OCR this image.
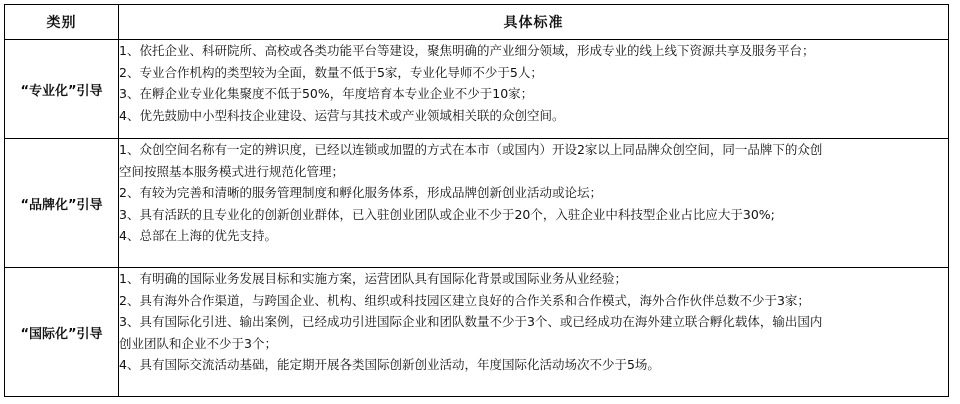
类别	具体标准
“专业化”引导	1、依托企业、科研院所、高校或各类功能平台等建设，聚焦明确的产业细分领域，形成专业的线上线下资源共享及服务平台；
2、专业合作机构的类型较为全面，数量不低于5家，专业化导师不少于5人；
3、在孵企业专业化集聚度不低于50%，年度培育本专业企业不少于10家；
4、优先鼓励中小型科技企业建设、运营与其技术或产业领域相关联的众创空间。

“品牌化”引导	1、众创空间名称有一定的辨识度，已经以连锁或加盟的方式在本市（或国内）开设2家以上同品牌众创空间，同一品牌下的众创
空间按照基本服务模式进行规范化管理；
2、有较为完善和清晰的服务管理制度和孵化服务体系，形成品牌创新创业活动或论坛；
3、具有活跃的且专业化的创新创业群体，已入驻创业团队或企业不少于20个，入驻企业中科技型企业占比应大于30%;
4、总部在上海的优先支持。

“国际化”引导	1、有明确的国际业务发展目标和实施方案，运营团队具有国际化背景或国际业务从业经验；
2、具有海外合作渠道，与跨国企业、机构、组织或科技园区建立良好的合作关系和合作模式，海外合作伙伴总数不少于3家；
3、具有国际化引进、输出案例，已经成功引进国际企业和团队数量不少于3个、或已经成功在海外建立联合孵化载体，输出国内
创业团队和企业不少于3个；
4、具有国际交流活动基础，能定期开展各类国际创新创业活动，年度国际化活动场次不少于5场。
